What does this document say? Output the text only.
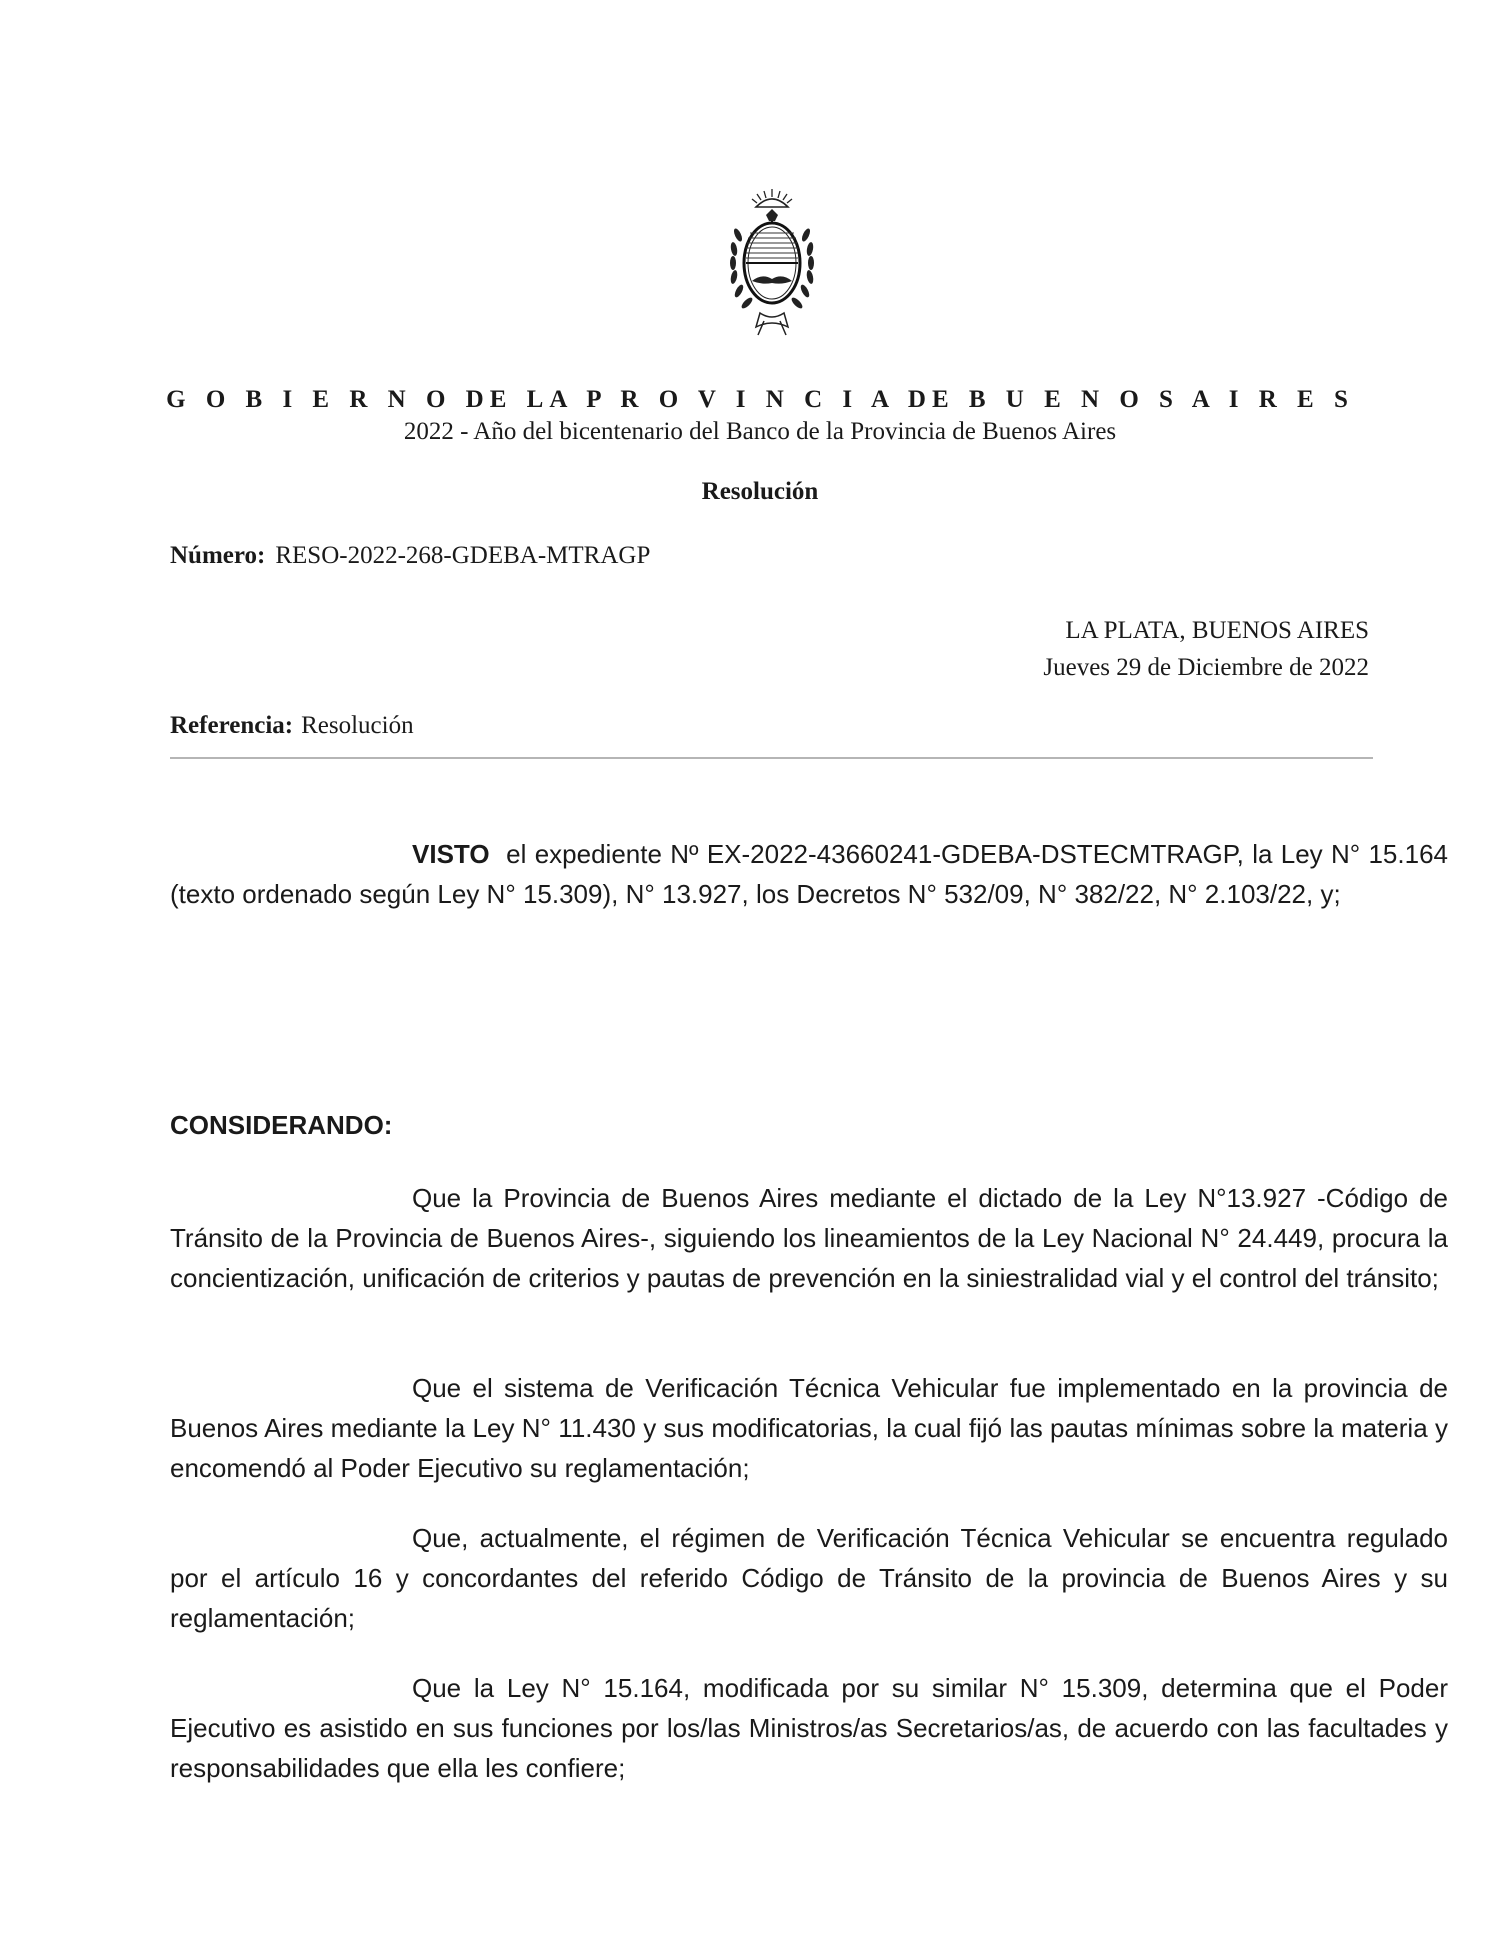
G O B I E R N O DE LA P R O V I N C I A DE B U E N O S A I R E S
2022 - Año del bicentenario del Banco de la Provincia de Buenos Aires
Resolución
Número: RESO-2022-268-GDEBA-MTRAGP
LA PLATA, BUENOS AIRES
Jueves 29 de Diciembre de 2022
Referencia: Resolución
VISTO el expediente Nº EX-2022-43660241-GDEBA-DSTECMTRAGP, la Ley N° 15.164 (texto ordenado según Ley N° 15.309), N° 13.927, los Decretos N° 532/09, N° 382/22, N° 2.103/22, y;
CONSIDERANDO:
Que la Provincia de Buenos Aires mediante el dictado de la Ley N°13.927 -Código de Tránsito de la Provincia de Buenos Aires-, siguiendo los lineamientos de la Ley Nacional N° 24.449, procura la concientización, unificación de criterios y pautas de prevención en la siniestralidad vial y el control del tránsito;
Que el sistema de Verificación Técnica Vehicular fue implementado en la provincia de Buenos Aires mediante la Ley N° 11.430 y sus modificatorias, la cual fijó las pautas mínimas sobre la materia y encomendó al Poder Ejecutivo su reglamentación;
Que, actualmente, el régimen de Verificación Técnica Vehicular se encuentra regulado por el artículo 16 y concordantes del referido Código de Tránsito de la provincia de Buenos Aires y su reglamentación;
Que la Ley N° 15.164, modificada por su similar N° 15.309, determina que el Poder Ejecutivo es asistido en sus funciones por los/las Ministros/as Secretarios/as, de acuerdo con las facultades y responsabilidades que ella les confiere;
